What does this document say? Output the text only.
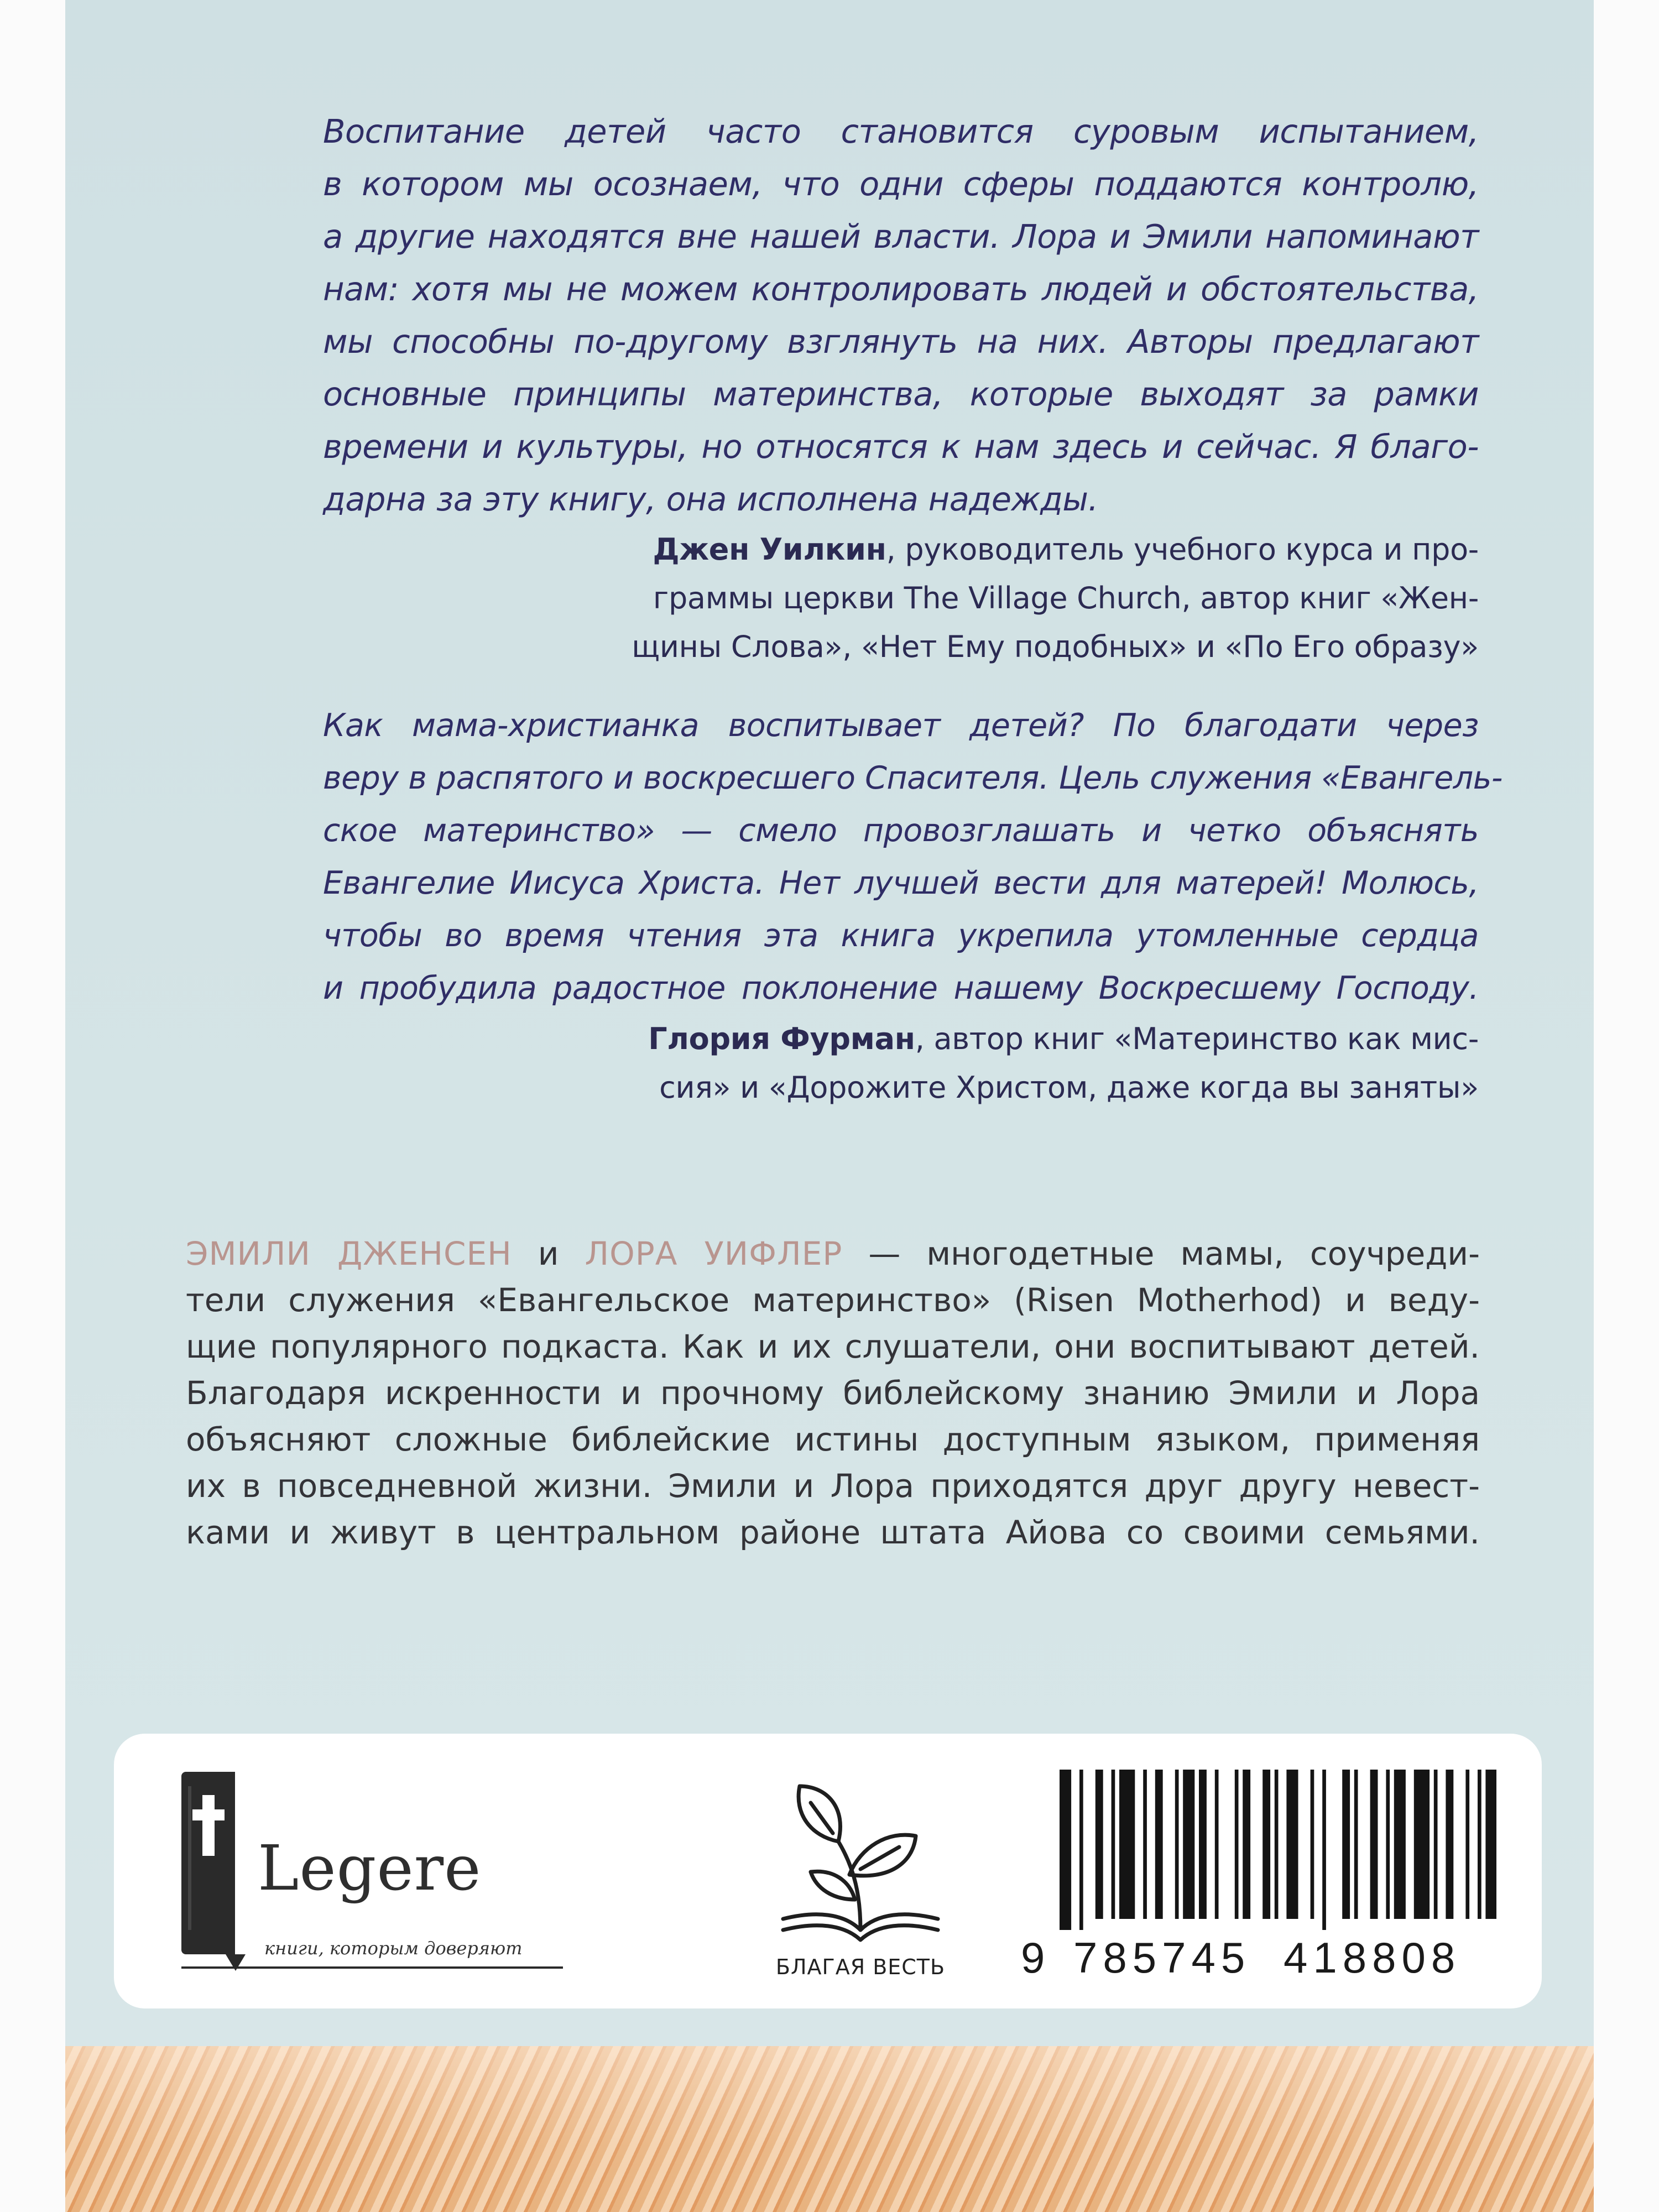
Воспитание детей часто становится суровым испытанием,
в котором мы осознаем, что одни сферы поддаются контролю,
а другие находятся вне нашей власти. Лора и Эмили напоминают
нам: хотя мы не можем контролировать людей и обстоятельства,
мы способны по-другому взглянуть на них. Авторы предлагают
основные принципы материнства, которые выходят за рамки
времени и культуры, но относятся к нам здесь и сейчас. Я благо-
дарна за эту книгу, она исполнена надежды.

Джен Уилкин, руководитель учебного курса и про-
граммы церкви The Village Church, автор книг «Жен-
щины Слова», «Нет Ему подобных» и «По Его образу»

Как мама-христианка воспитывает детей? По благодати через
веру в распятого и воскресшего Спасителя. Цель служения «Евангель-
ское материнство» — смело провозглашать и четко объяснять
Евангелие Иисуса Христа. Нет лучшей вести для матерей! Молюсь,
чтобы во время чтения эта книга укрепила утомленные сердца
и пробудила радостное поклонение нашему Воскресшему Господу.

Глория Фурман, автор книг «Материнство как мис-
сия» и «Дорожите Христом, даже когда вы заняты»

ЭМИЛИ ДЖЕНСЕН и ЛОРА УИФЛЕР — многодетные мамы, соучреди-
тели служения «Евангельское материнство» (Risen Motherhod) и веду-
щие популярного подкаста. Как и их слушатели, они воспитывают детей.
Благодаря искренности и прочному библейскому знанию Эмили и Лора
объясняют сложные библейские истины доступным языком, применяя
их в повседневной жизни. Эмили и Лора приходятся друг другу невест-
ками и живут в центральном районе штата Айова со своими семьями.
Legere
книги, которым доверяют
БЛАГАЯ ВЕСТЬ	9 785745 418808
